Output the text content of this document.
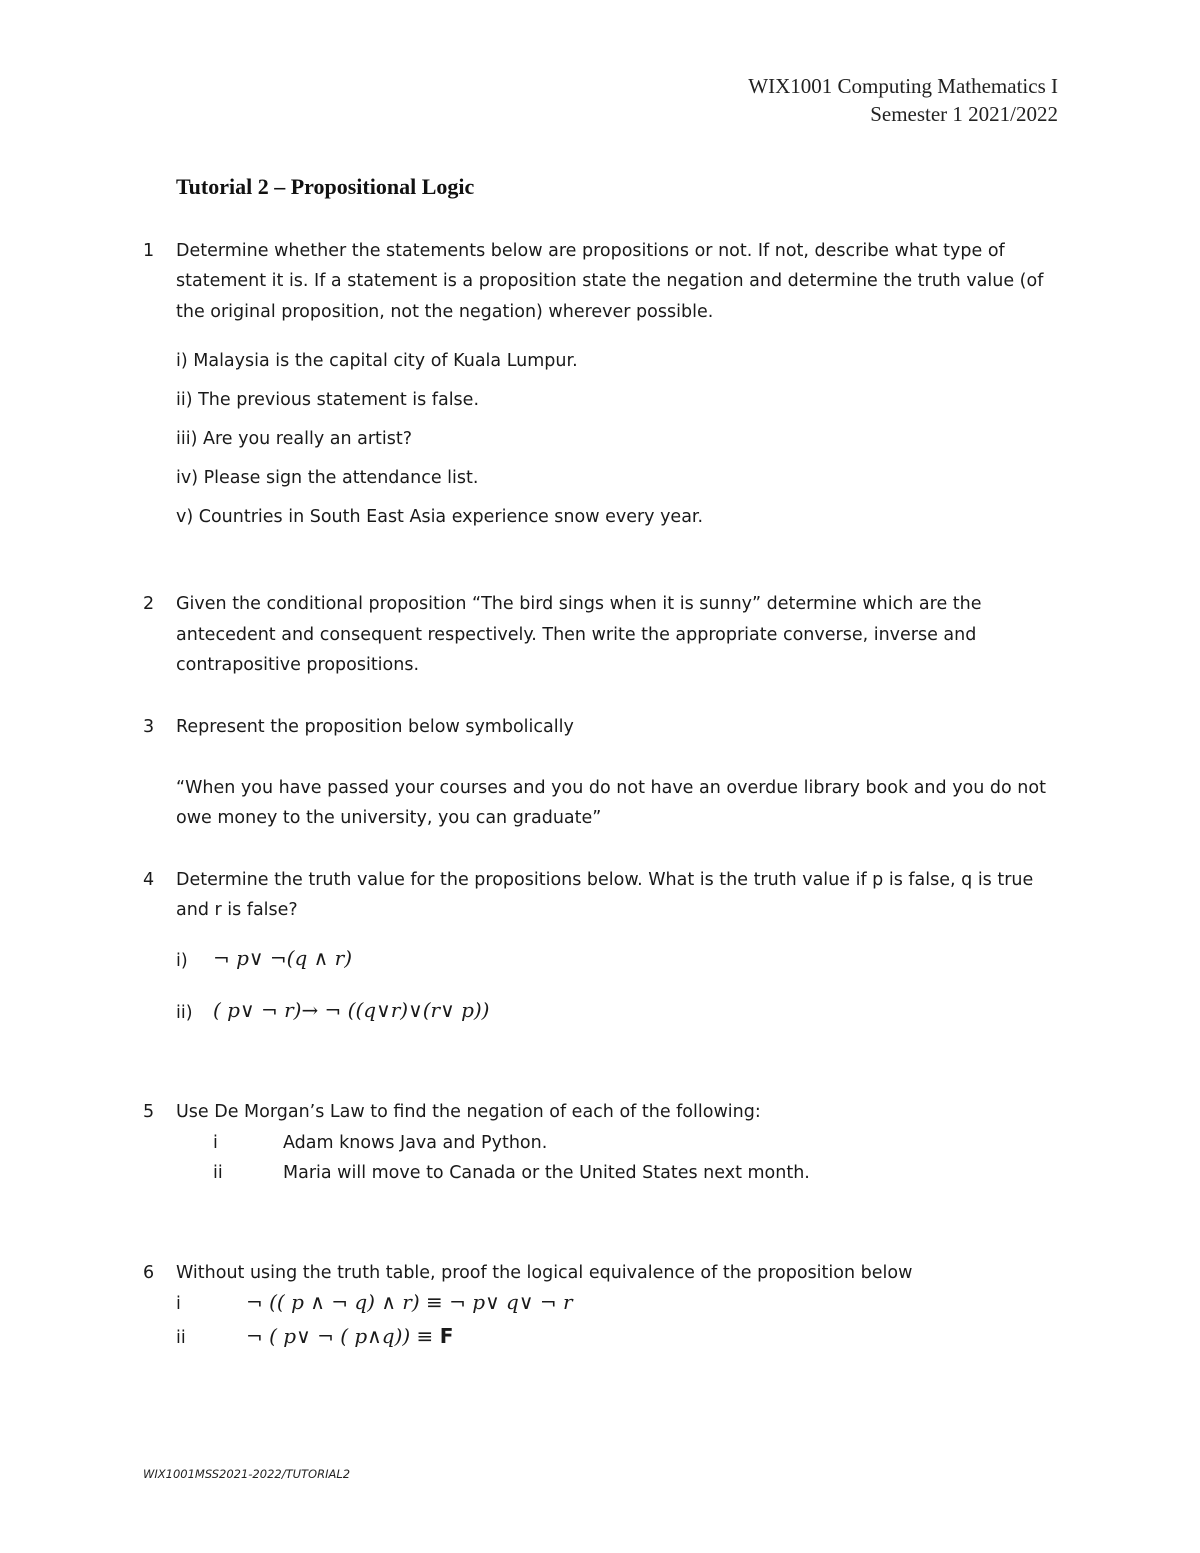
WIX1001 Computing Mathematics I
Semester 1 2021/2022
Tutorial 2 – Propositional Logic
1 Determine whether the statements below are propositions or not. If not, describe what type of
statement it is. If a statement is a proposition state the negation and determine the truth value (of
the original proposition, not the negation) wherever possible.
i) Malaysia is the capital city of Kuala Lumpur.
ii) The previous statement is false.
iii) Are you really an artist?
iv) Please sign the attendance list.
v) Countries in South East Asia experience snow every year.
2 Given the conditional proposition “The bird sings when it is sunny” determine which are the
antecedent and consequent respectively. Then write the appropriate converse, inverse and
contrapositive propositions.
3 Represent the proposition below symbolically
“When you have passed your courses and you do not have an overdue library book and you do not
owe money to the university, you can graduate”
4 Determine the truth value for the propositions below. What is the truth value if p is false, q is true
and r is false?
i) ¬ p∨ ¬(q ∧ r)
ii) ( p∨ ¬ r)→ ¬ ((q∨r)∨(r∨ p))
5 Use De Morgan’s Law to find the negation of each of the following:
i	Adam knows Java and Python.
ii	Maria will move to Canada or the United States next month.
6 Without using the truth table, proof the logical equivalence of the proposition below
i	¬ (( p ∧ ¬ q) ∧ r) ≡ ¬ p∨ q∨ ¬ r
ii	¬ ( p∨ ¬ ( p∧q)) ≡ F
WIX1001MSS2021-2022/TUTORIAL2
